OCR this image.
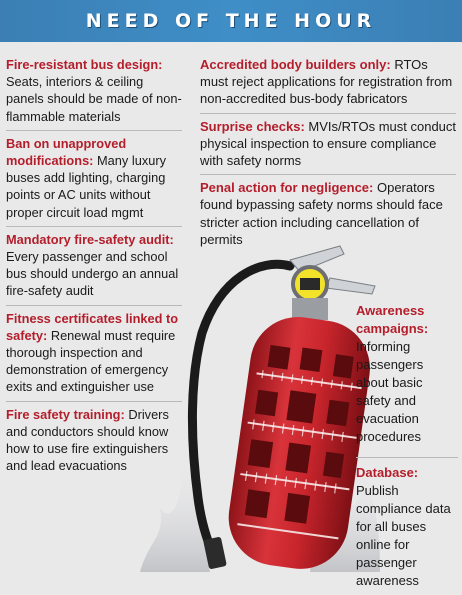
NEED OF THE HOUR

Fire-resistant bus design: Seats, interiors & ceiling panels should be made of non-flammable materials

Ban on unapproved modifications: Many luxury buses add lighting, charging points or AC units without proper circuit load mgmt

Mandatory fire-safety audit: Every passenger and school bus should undergo an annual fire-safety audit

Fitness certificates linked to safety: Renewal must require thorough inspection and demonstration of emergency exits and extinguisher use

Fire safety training: Drivers and conductors should know how to use fire extinguishers and lead evacuations

Accredited body builders only: RTOs must reject applications for registration from non-accredited bus-body fabricators

Surprise checks: MVIs/RTOs must conduct physical inspection to ensure compliance with safety norms

Penal action for negligence: Operators found bypassing safety norms should face stricter action including cancellation of permits

Awareness campaigns: Informing passengers about basic safety and evacuation procedures

Database: Publish compliance data for all buses online for passenger awareness
